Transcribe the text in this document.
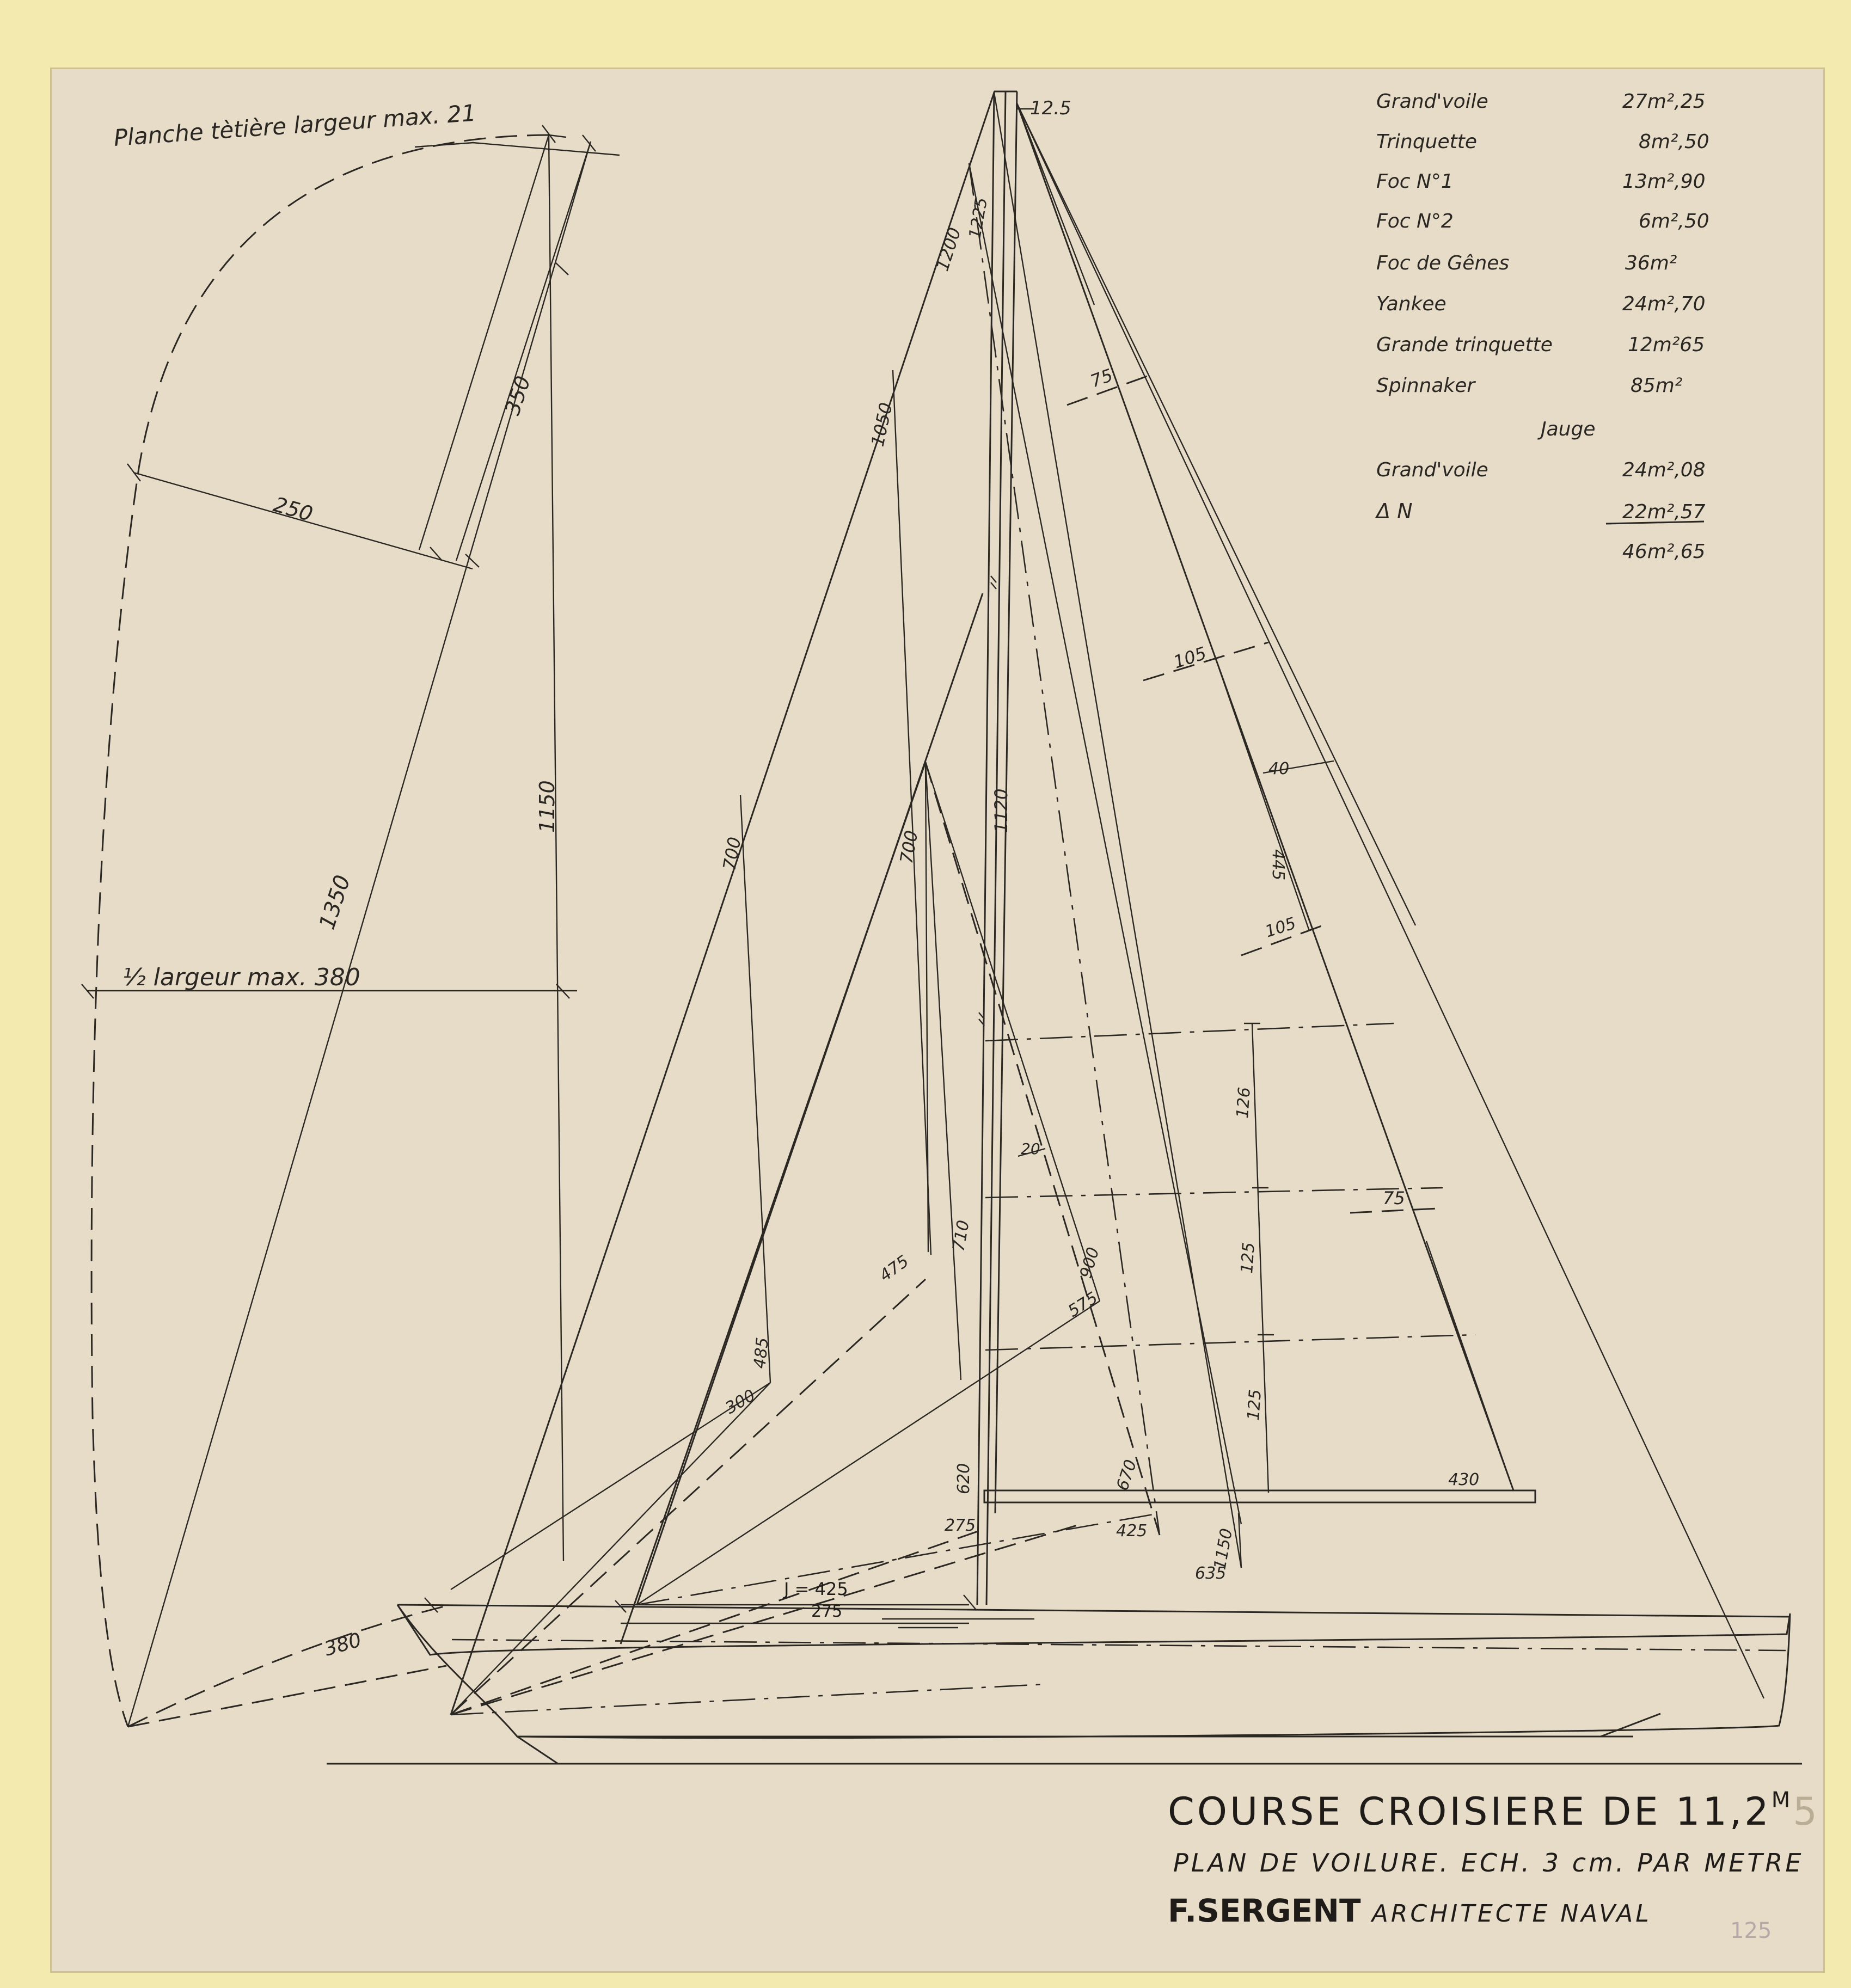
Planche tètière largeur max. 21
250
350
1150
1350
½ largeur max. 380
380
12.5
1200
1225
1050
1120
75
105
40
445
105
700	700
710
475
485
300
900
575
20
126
125
125
75
430
620
275
670
1150
425
635
J = 425
275
Grand'voile	27m²,25
Trinquette	8m²,50
Foc N°1	13m²,90
Foc N°2	6m²,50
Foc de Gênes	36m²
Yankee	24m²,70
Grande trinquette	12m²65
Spinnaker	85m²
Jauge
Grand'voile	24m²,08
Δ N	22m²,57
46m²,65
COURSE CROISIERE DE $11,2^M5$
PLAN DE VOILURE. ECH. 3 cm. PAR METRE
F.SERGENT ARCHITECTE NAVAL
125
